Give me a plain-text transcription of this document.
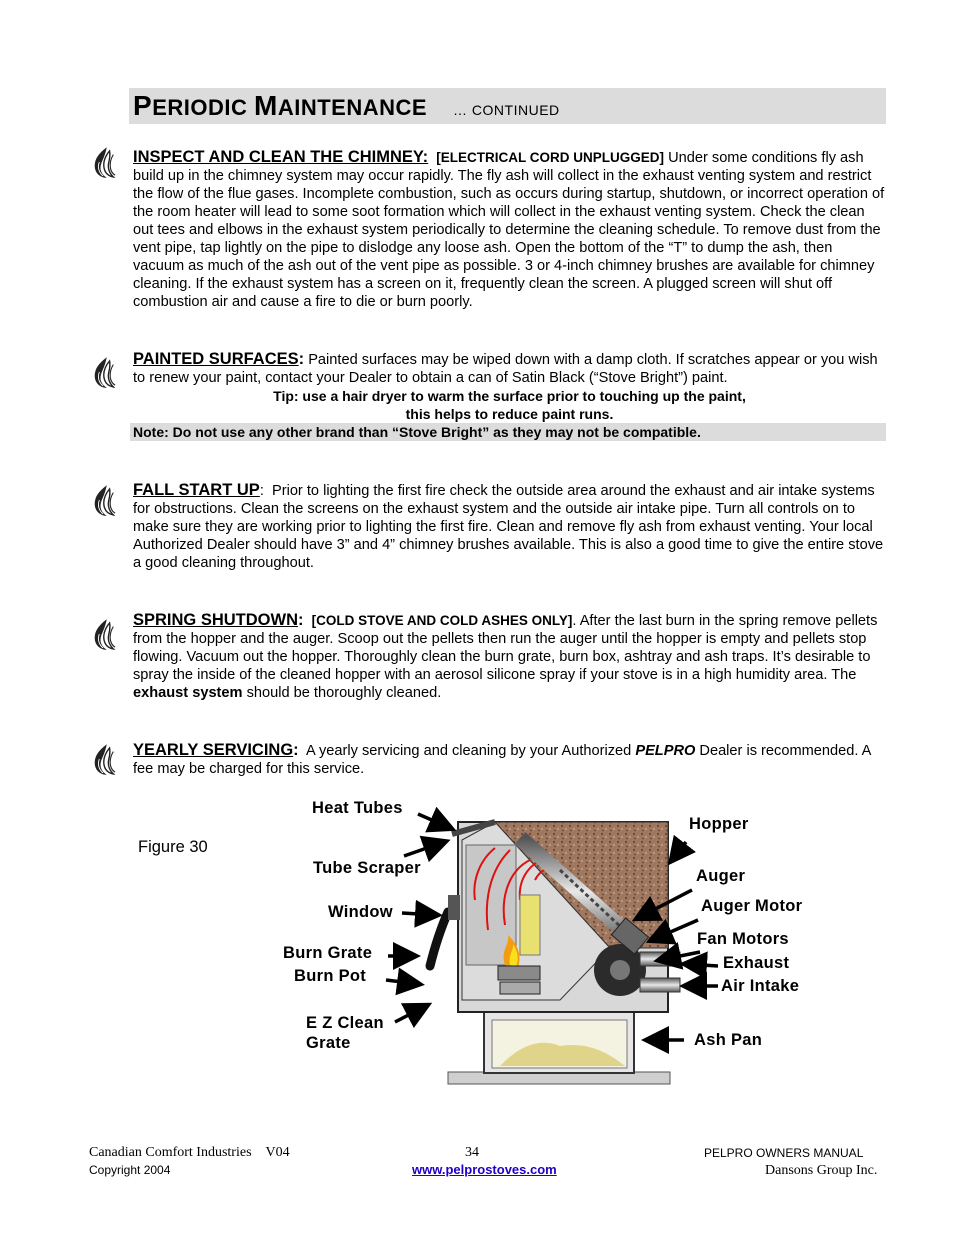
PERIODIC MAINTENANCE … CONTINUED
INSPECT AND CLEAN THE CHIMNEY: [ELECTRICAL CORD UNPLUGGED] Under some conditions fly ash build up in the chimney system may occur rapidly. The fly ash will collect in the exhaust venting system and restrict the flow of the flue gases. Incomplete combustion, such as occurs during startup, shutdown, or incorrect operation of the room heater will lead to some soot formation which will collect in the exhaust venting system. Check the clean out tees and elbows in the exhaust system periodically to determine the cleaning schedule. To remove dust from the vent pipe, tap lightly on the pipe to dislodge any loose ash. Open the bottom of the “T” to dump the ash, then vacuum as much of the ash out of the vent pipe as possible. 3 or 4-inch chimney brushes are available for chimney cleaning. If the exhaust system has a screen on it, frequently clean the screen. A plugged screen will shut off combustion air and cause a fire to die or burn poorly.
PAINTED SURFACES: Painted surfaces may be wiped down with a damp cloth. If scratches appear or you wish to renew your paint, contact your Dealer to obtain a can of Satin Black (“Stove Bright”) paint.
Tip: use a hair dryer to warm the surface prior to touching up the paint,
this helps to reduce paint runs.
Note: Do not use any other brand than “Stove Bright” as they may not be compatible.
FALL START UP: Prior to lighting the first fire check the outside area around the exhaust and air intake systems for obstructions. Clean the screens on the exhaust system and the outside air intake pipe. Turn all controls on to make sure they are working prior to lighting the first fire. Clean and remove fly ash from exhaust venting. Your local Authorized Dealer should have 3” and 4” chimney brushes available. This is also a good time to give the entire stove a good cleaning throughout.
SPRING SHUTDOWN: [COLD STOVE AND COLD ASHES ONLY]. After the last burn in the spring remove pellets from the hopper and the auger. Scoop out the pellets then run the auger until the hopper is empty and pellets stop flowing. Vacuum out the hopper. Thoroughly clean the burn grate, burn box, ashtray and ash traps. It’s desirable to spray the inside of the cleaned hopper with an aerosol silicone spray if your stove is in a high humidity area. The exhaust system should be thoroughly cleaned.
YEARLY SERVICING: A yearly servicing and cleaning by your Authorized PELPRO Dealer is recommended. A fee may be charged for this service.
Figure 30
Heat Tubes
Tube Scraper
Window
Burn Grate
Burn Pot
E Z Clean
Grate
Hopper
Auger
Auger Motor
Fan Motors
Exhaust
Air Intake
Ash Pan
Canadian Comfort Industries V04	34	PELPRO OWNERS MANUAL
Copyright 2004	www.pelprostoves.com	Dansons Group Inc.
